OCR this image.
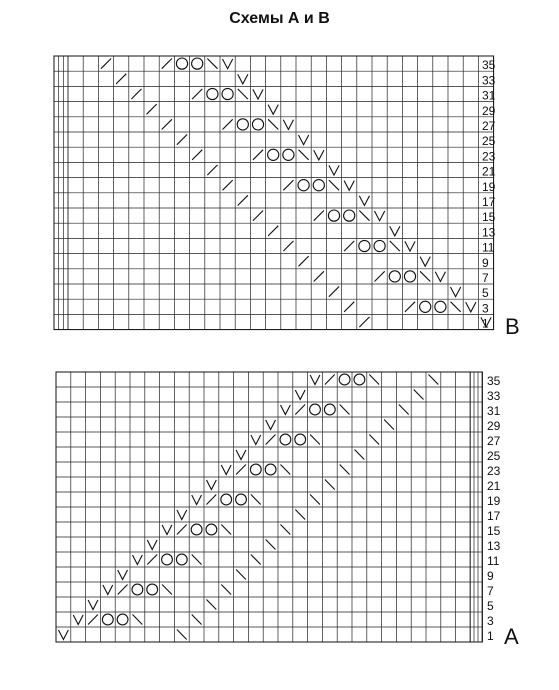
Схемы А и В
35
33
31
29
27
25
23
21
19
17
15
13
11
9
7
5
3
1 B
35
33
31
29
27
25
23
21
19
17
15
13
11
9
7
5
3
1 A
